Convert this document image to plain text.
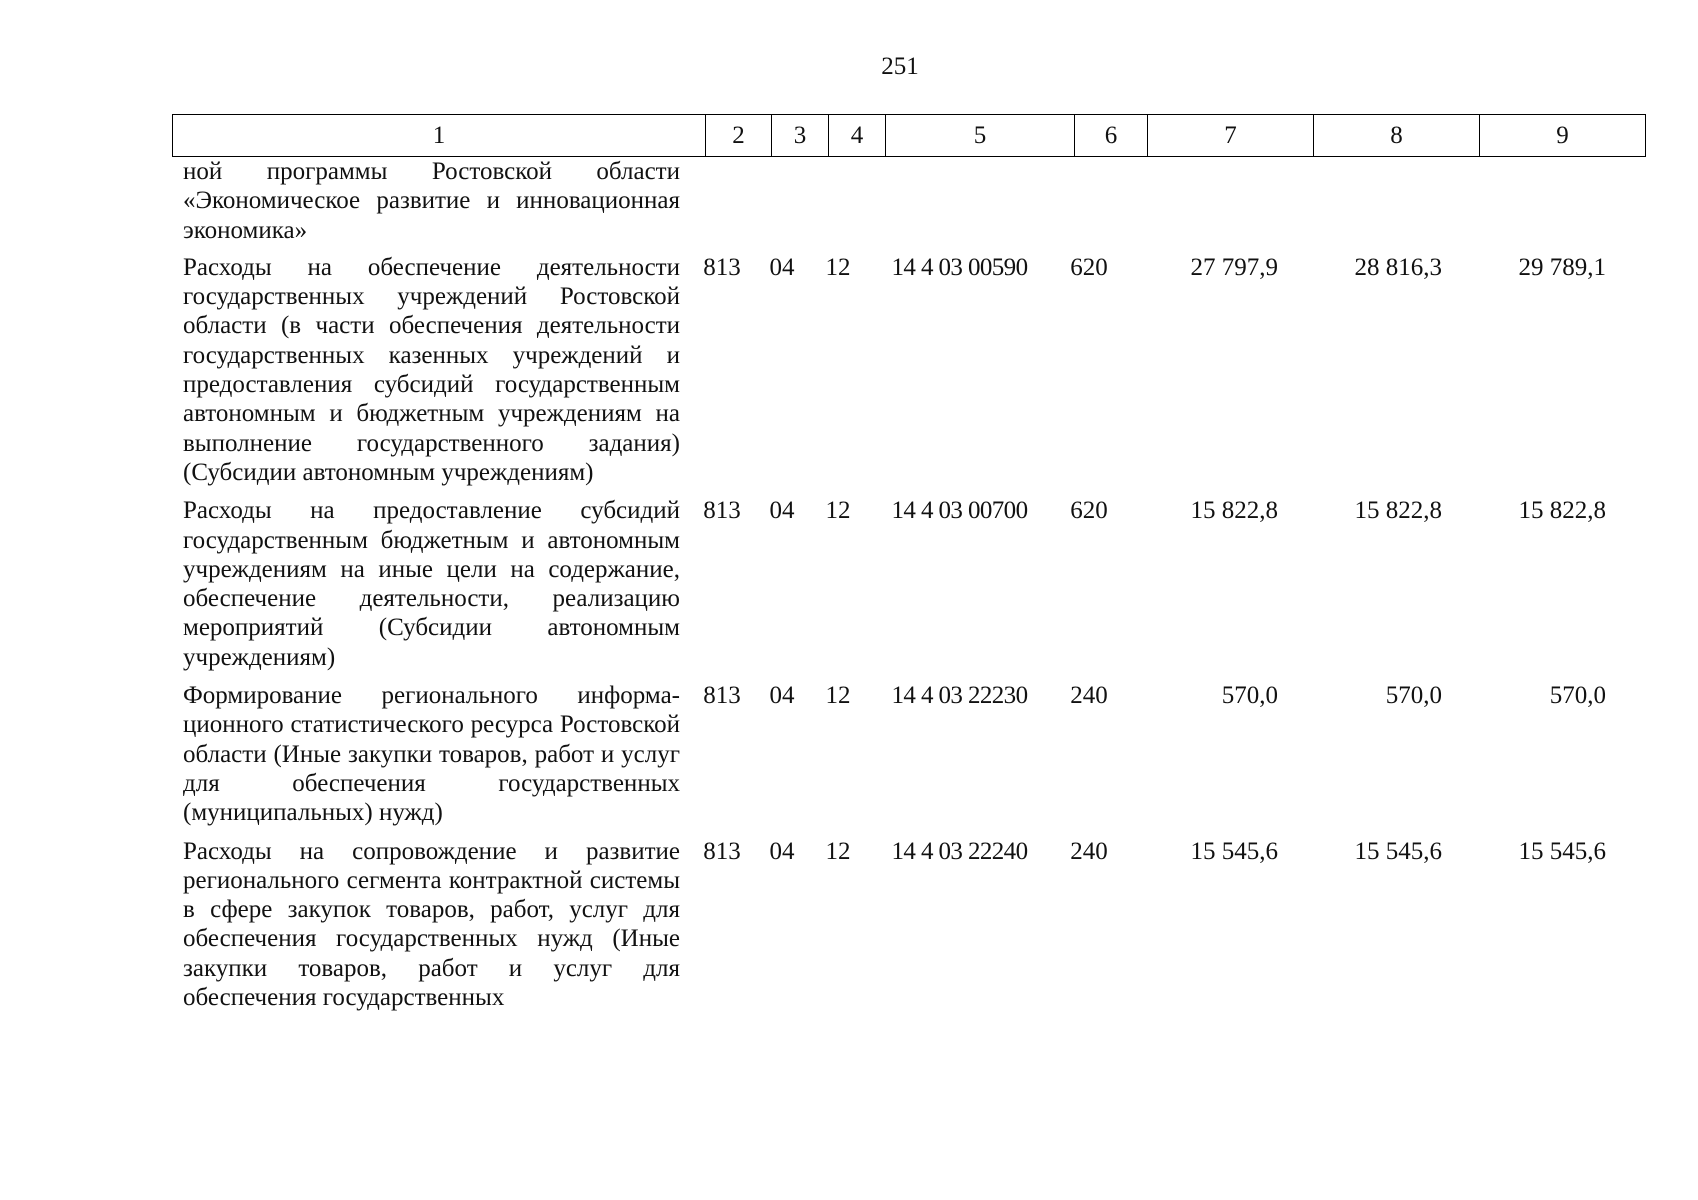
251
1	2	3	4	5	6	7	8	9
ной программы Ростовской области «Экономическое развитие и инновационная экономика»
Расходы на обеспечение деятельности государственных учреждений Ростовской области (в части обеспечения деятельности государственных казенных учреждений и предоставления субсидий государственным автономным и бюджетным учреждениям на выполнение государственного задания) (Субсидии автономным учреждениям)
813	04	12	14 4 03 00590	620	27 797,9	28 816,3	29 789,1
Расходы на предоставление субсидий государственным бюджетным и автономным учреждениям на иные цели на содержание, обеспечение деятельности, реализацию мероприятий (Субсидии автономным учреждениям)
813	04	12	14 4 03 00700	620	15 822,8	15 822,8	15 822,8
Формирование регионального информационного статистического ресурса Ростовской области (Иные закупки товаров, работ и услуг для обеспечения государственных (муниципальных) нужд)
813	04	12	14 4 03 22230	240	570,0	570,0	570,0
Расходы на сопровождение и развитие регионального сегмента контрактной системы в сфере закупок товаров, работ, услуг для обеспечения государственных нужд (Иные закупки товаров, работ и услуг для обеспечения государственных
813	04	12	14 4 03 22240	240	15 545,6	15 545,6	15 545,6
